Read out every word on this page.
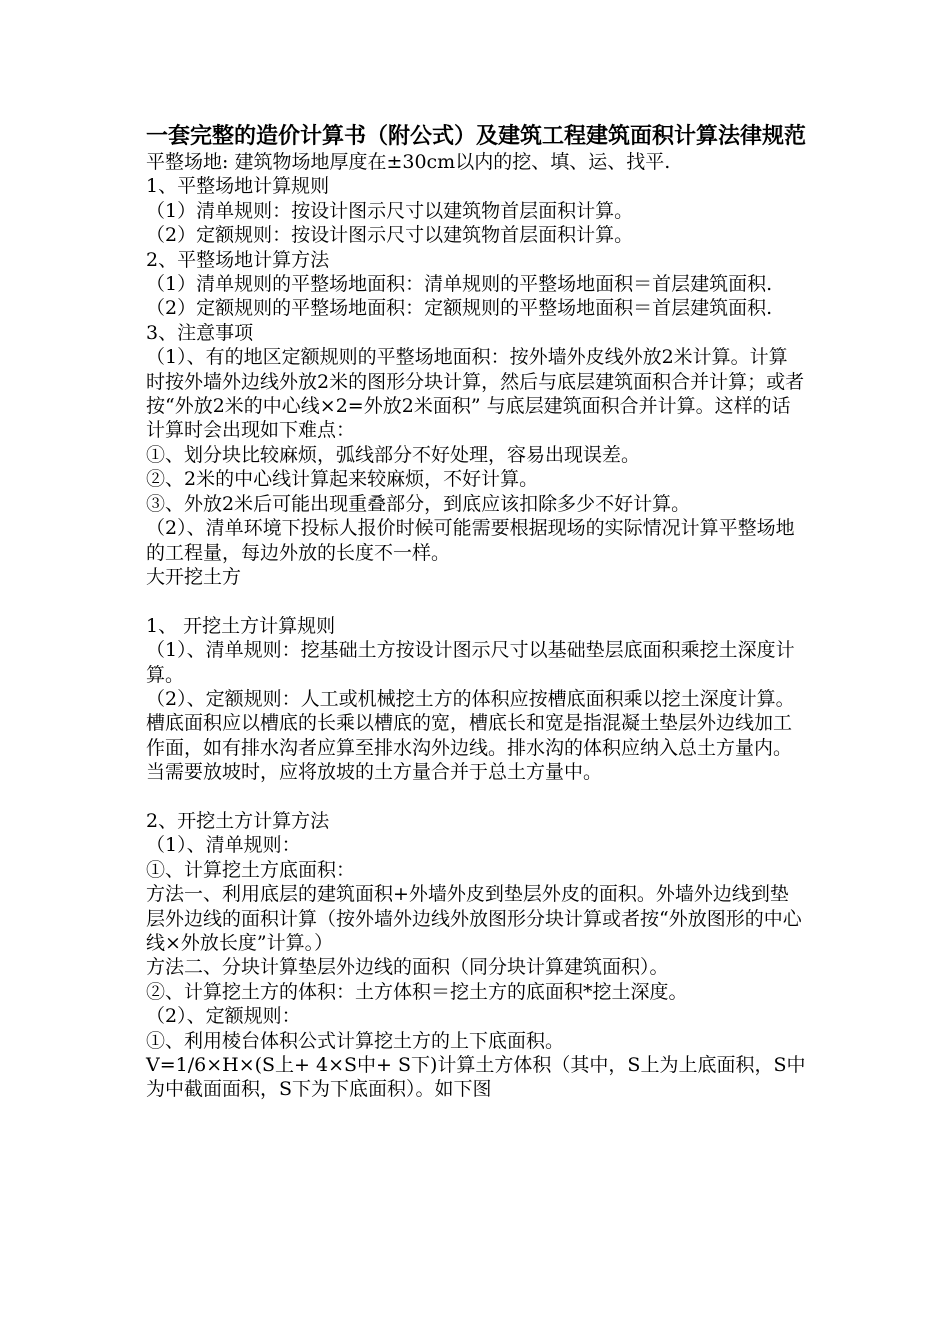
一套完整的造价计算书（附公式）及建筑工程建筑面积计算法律规范
平整场地: 建筑物场地厚度在±30cm以内的挖、填、运、找平.
1、平整场地计算规则
（1）清单规则：按设计图示尺寸以建筑物首层面积计算。
（2）定额规则：按设计图示尺寸以建筑物首层面积计算。
2、平整场地计算方法
（1）清单规则的平整场地面积：清单规则的平整场地面积＝首层建筑面积.
（2）定额规则的平整场地面积：定额规则的平整场地面积＝首层建筑面积.
3、注意事项
（1）、有的地区定额规则的平整场地面积：按外墙外皮线外放2米计算。计算时按外墙外边线外放2米的图形分块计算，然后与底层建筑面积合并计算；或者按“外放2米的中心线×2=外放2米面积” 与底层建筑面积合并计算。这样的话计算时会出现如下难点：
①、划分块比较麻烦，弧线部分不好处理，容易出现误差。
②、2米的中心线计算起来较麻烦，不好计算。
③、外放2米后可能出现重叠部分，到底应该扣除多少不好计算。
（2）、清单环境下投标人报价时候可能需要根据现场的实际情况计算平整场地的工程量，每边外放的长度不一样。
大开挖土方
1、 开挖土方计算规则
（1）、清单规则：挖基础土方按设计图示尺寸以基础垫层底面积乘挖土深度计算。
（2）、定额规则：人工或机械挖土方的体积应按槽底面积乘以挖土深度计算。槽底面积应以槽底的长乘以槽底的宽，槽底长和宽是指混凝土垫层外边线加工作面，如有排水沟者应算至排水沟外边线。排水沟的体积应纳入总土方量内。当需要放坡时，应将放坡的土方量合并于总土方量中。
2、开挖土方计算方法
（1）、清单规则：
①、计算挖土方底面积：
方法一、利用底层的建筑面积+外墙外皮到垫层外皮的面积。外墙外边线到垫层外边线的面积计算（按外墙外边线外放图形分块计算或者按“外放图形的中心线×外放长度”计算。）
方法二、分块计算垫层外边线的面积（同分块计算建筑面积）。
②、计算挖土方的体积：土方体积＝挖土方的底面积*挖土深度。
（2）、定额规则：
①、利用棱台体积公式计算挖土方的上下底面积。
V=1/6×H×(S上+ 4×S中+ S下)计算土方体积（其中，S上为上底面积，S中为中截面面积，S下为下底面积）。如下图
